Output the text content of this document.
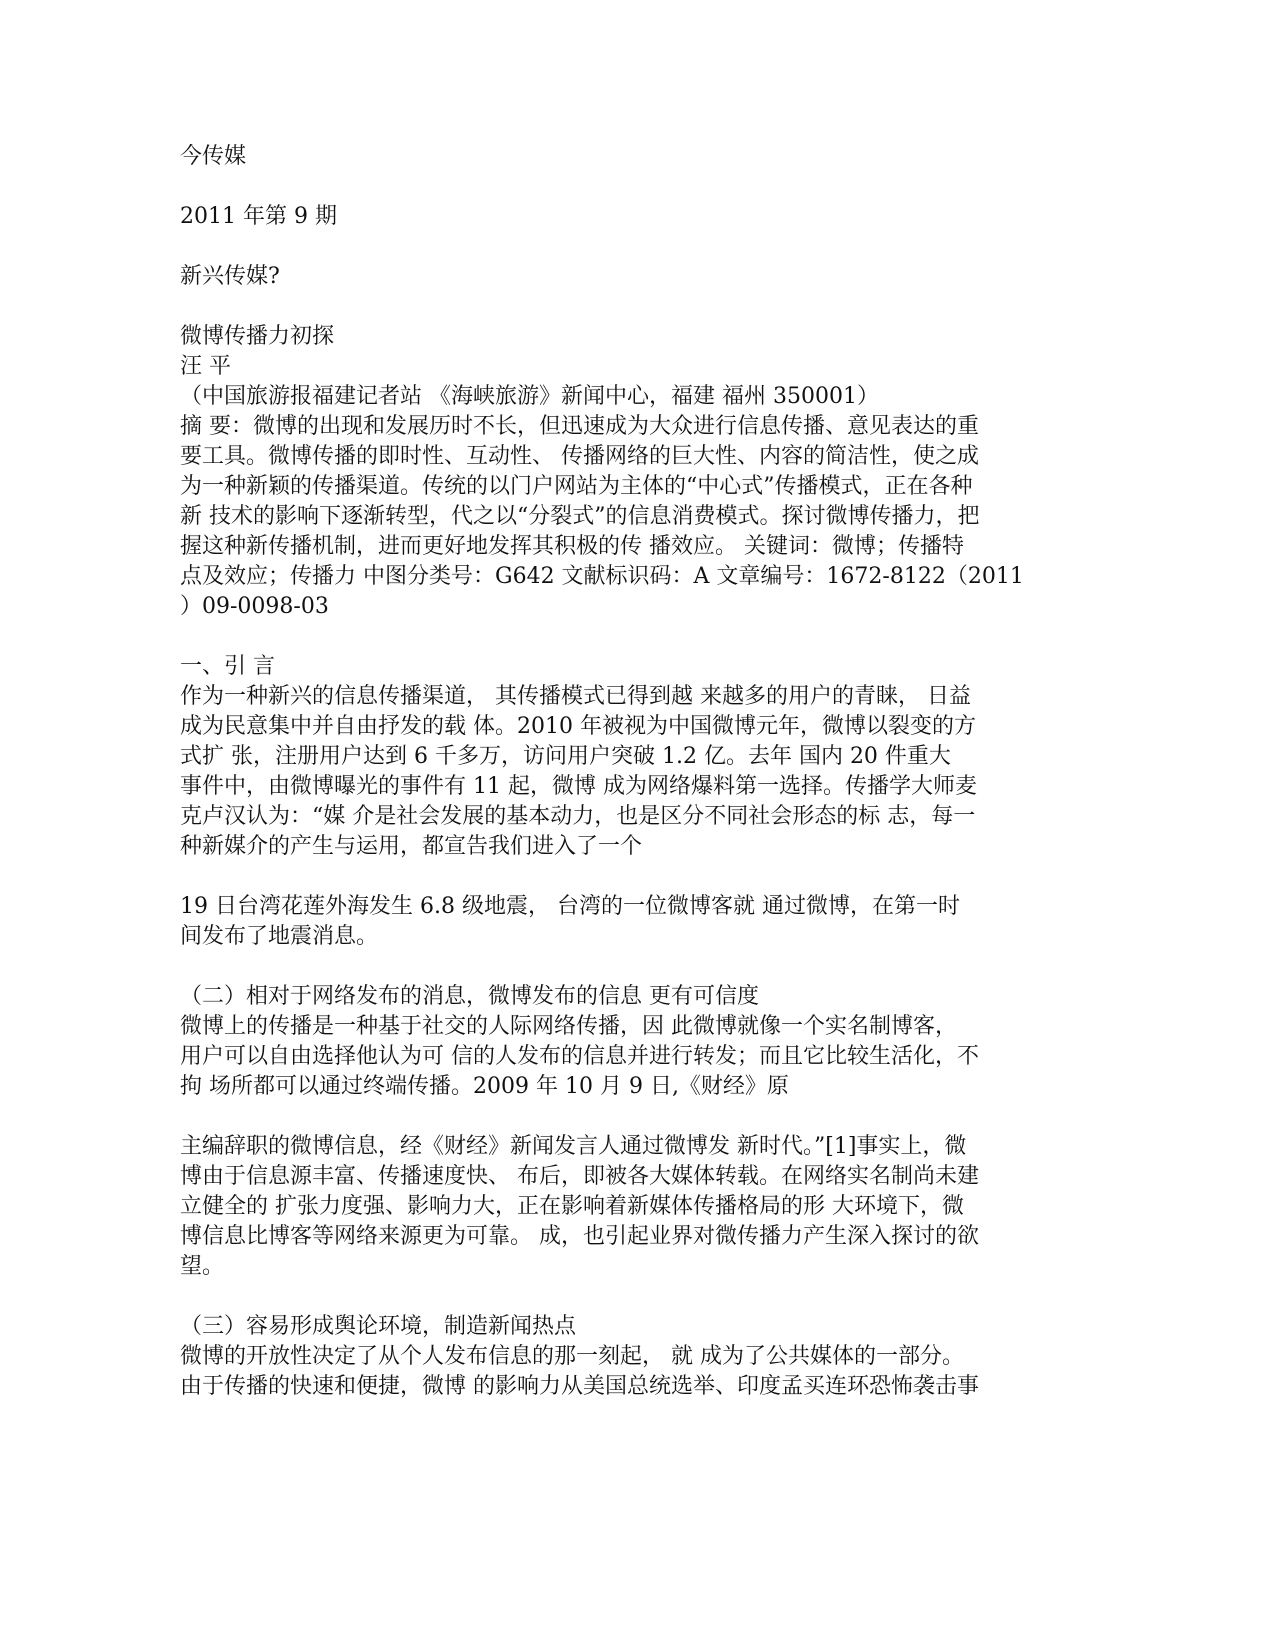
今传媒
2011 年第 9 期
新兴传媒?
微博传播力初探
汪 平
（中国旅游报福建记者站 《海峡旅游》新闻中心，福建 福州 350001）
摘 要：微博的出现和发展历时不长，但迅速成为大众进行信息传播、意见表达的重
要工具。微博传播的即时性、互动性、 传播网络的巨大性、内容的简洁性，使之成
为一种新颖的传播渠道。传统的以门户网站为主体的“中心式”传播模式，正在各种
新 技术的影响下逐渐转型，代之以“分裂式”的信息消费模式。探讨微博传播力，把
握这种新传播机制，进而更好地发挥其积极的传 播效应。 关键词：微博；传播特
点及效应；传播力 中图分类号：G642 文献标识码：A 文章编号：1672-8122（2011
）09-0098-03
一、引 言
作为一种新兴的信息传播渠道， 其传播模式已得到越 来越多的用户的青睐， 日益
成为民意集中并自由抒发的载 体。2010 年被视为中国微博元年，微博以裂变的方
式扩 张，注册用户达到 6 千多万，访问用户突破 1.2 亿。去年 国内 20 件重大
事件中，由微博曝光的事件有 11 起，微博 成为网络爆料第一选择。传播学大师麦
克卢汉认为：“媒 介是社会发展的基本动力，也是区分不同社会形态的标 志，每一
种新媒介的产生与运用，都宣告我们进入了一个
19 日台湾花莲外海发生 6.8 级地震， 台湾的一位微博客就 通过微博，在第一时
间发布了地震消息。
（二）相对于网络发布的消息，微博发布的信息 更有可信度
微博上的传播是一种基于社交的人际网络传播，因 此微博就像一个实名制博客，
用户可以自由选择他认为可 信的人发布的信息并进行转发；而且它比较生活化，不
拘 场所都可以通过终端传播。2009 年 10 月 9 日,《财经》原
主编辞职的微博信息，经《财经》新闻发言人通过微博发 新时代。”[1]事实上，微
博由于信息源丰富、传播速度快、 布后，即被各大媒体转载。在网络实名制尚未建
立健全的 扩张力度强、影响力大，正在影响着新媒体传播格局的形 大环境下，微
博信息比博客等网络来源更为可靠。 成，也引起业界对微传播力产生深入探讨的欲
望。
（三）容易形成舆论环境，制造新闻热点
微博的开放性决定了从个人发布信息的那一刻起， 就 成为了公共媒体的一部分。
由于传播的快速和便捷，微博 的影响力从美国总统选举、印度孟买连环恐怖袭击事
